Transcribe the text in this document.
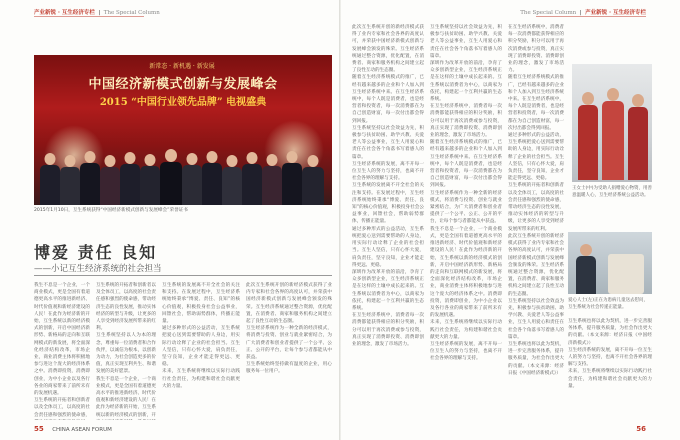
产业新锐 · 互生经济专栏  |  The Special Column	The Special Column  |  产业新锐 · 互生经济专栏
新常态 · 新机遇 · 新发展
中国经济新模式创新与发展峰会
2015 “中国行业领先品牌” 电视盛典
2015年1月10日，互生系统获得“中国经济新模式创新与发展峰会”荣誉证书
博爱 责任 良知
——小记互生经济系统的社会担当

我生不息是一个企业，一个商业模式，更是全国有着道德更高水平的推进新经济、时代价值观和新经济建设的人民！在此作为经济新的开始，互生系统以新的经济模式的创新，开启中国经济新形势、新格局的走向和互联网模式的新发展，将全面深化经济结构改革，市场企业，商业消费主体将积极地参与进这个庞大的经济体系之中。消费即投资，消费即创业，为中小企业以及各行各业的商家带来了前所未有的发展机遇。

互生系统的开拓者和创新者以及全体员工，以高度的社会责任感和强烈的使命感，

互生系统的开拓者和创新者以及全体员工，以高度的社会责任感和强烈的使命感，带动经济生态的良性发展，推动实体经济的转型与升级，让更多的人享受到经济发展所带来的红利。

互生系统坚持以人为本的理念，尊重每一位消费者和合作伙伴，以诚信为根本，以创新为动力，为社会创造更多的价值，真正实现互利共生、和谐发展的美好愿景。

我生不息是一个企业，一个商业模式，更是全国有着道德更高水平的推进新经济、时代价值观和新经济建设的人民！在此作为经济新的开始，互生系统以新的经济模式的创新，开

互生系统的发展离不开全社会的关注和支持。在发展过程中，互生经济系统始终秉承“博爱、责任、良知”的核心价值观，积极投身社会公益事业，回馈社会，帮助弱势群体，传播正能量。

通过多种形式的公益活动，互生系统把爱心送到需要帮助的人身边，用实际行动诠释了企业的社会担当。互生人坚信，只有心怀大爱，肩负责任，坚守良知，企业才能走得更远、更稳。

未来，互生系统将继续以实际行动践行社会责任，为构建和谐社会贡献更大的力量。

此次互生系统开创的新经济模式获得了业内专家和社会各界的高度认可，并荣获中国经济新模式创新与发展峰会颁发的殊荣。互生经济系统通过整合资源，优化配置，在消费者、商家和服务机构之间建立起了良性互动的生态圈。

互生经济系统作为一种全新的经济模式，将消费与投资、创业与就业紧密结合，为广大消费者和创业者提供了一个公平、公正、公开的平台，让每个参与者都能从中获益。

互生系统始终坚持做有温度的企业，用心服务每一位用户。

55 CHINA ASEAN FORUM

此次互生系统开创的新经济模式获得了业内专家和社会各界的高度认可，并荣获中国经济新模式创新与发展峰会颁发的殊荣。互生经济系统通过整合资源，优化配置，在消费者、商家和服务机构之间建立起了良性互动的生态圈。

随着互生经济系统模式的推广，已经有越来越多的企业和个人加入到互生经济系统中来。在互生经济系统中，每个人既是消费者，也是经营者和投资者，每一次消费都在为自己创造财富，每一次付出都会得到回报。

互生系统坚持以社会效益为先，积极参与扶贫助困、助学兴教、关爱老人等公益事业，互生人用爱心和责任在社会各个角落书写着感人的篇章。

互生经济系统的发展，离不开每一位互生人的努力与坚持，也离不开社会各界的理解与支持。

互生系统的发展离不开全社会的关注和支持。在发展过程中，互生经济系统始终秉承“博爱、责任、良知”的核心价值观，积极投身社会公益事业，回馈社会，帮助弱势群体，传播正能量。

通过多种形式的公益活动，互生系统把爱心送到需要帮助的人身边，用实际行动诠释了企业的社会担当。互生人坚信，只有心怀大爱，肩负责任，坚守良知，企业才能走得更远、更稳。

深圳作为改革开放的前沿，孕育了众多创新型企业，互生经济系统正是在这样的土壤中成长起来的。互生系统以消费者为中心，以商家为依托，构建起一个互利共赢的生态系统。

在互生经济系统中，消费者每一次消费都能获得相应的积分奖励，积分可以用于再次消费或参与投资，真正实现了消费即投资、消费即创业的理念，激发了市场活力。

互生系统坚持以社会效益为先，积极参与扶贫助困、助学兴教、关爱老人等公益事业，互生人用爱心和责任在社会各个角落书写着感人的篇章。

深圳作为改革开放的前沿，孕育了众多创新型企业，互生经济系统正是在这样的土壤中成长起来的。互生系统以消费者为中心，以商家为依托，构建起一个互利共赢的生态系统。

在互生经济系统中，消费者每一次消费都能获得相应的积分奖励，积分可以用于再次消费或参与投资，真正实现了消费即投资、消费即创业的理念，激发了市场活力。

随着互生经济系统模式的推广，已经有越来越多的企业和个人加入到互生经济系统中来。在互生经济系统中，每个人既是消费者，也是经营者和投资者，每一次消费都在为自己创造财富，每一次付出都会得到回报。

互生经济系统作为一种全新的经济模式，将消费与投资、创业与就业紧密结合，为广大消费者和创业者提供了一个公平、公正、公开的平台，让每个参与者都能从中获益。

我生不息是一个企业，一个商业模式，更是全国有着道德更高水平的推进新经济、时代价值观和新经济建设的人民！在此作为经济新的开始，互生系统以新的经济模式的创新，开启中国经济新形势、新格局的走向和互联网模式的新发展，将全面深化经济结构改革，市场企业，商业消费主体将积极地参与进这个庞大的经济体系之中。消费即投资，消费即创业，为中小企业以及各行各业的商家带来了前所未有的发展机遇。

未来，互生系统将继续以实际行动践行社会责任，为构建和谐社会贡献更大的力量。

互生经济系统的发展，离不开每一位互生人的努力与坚持，也离不开社会各界的理解与支持。

在互生经济系统中，消费者每一次消费都能获得相应的积分奖励，积分可以用于再次消费或参与投资，真正实现了消费即投资、消费即创业的理念，激发了市场活力。

随着互生经济系统模式的推广，已经有越来越多的企业和个人加入到互生经济系统中来。在互生经济系统中，每个人既是消费者，也是经营者和投资者，每一次消费都在为自己创造财富，每一次付出都会得到回报。

通过多种形式的公益活动，互生系统把爱心送到需要帮助的人身边，用实际行动诠释了企业的社会担当。互生人坚信，只有心怀大爱，肩负责任，坚守良知，企业才能走得更远、更稳。

互生系统的开拓者和创新者以及全体员工，以高度的社会责任感和强烈的使命感，带动经济生态的良性发展，推动实体经济的转型与升级，让更多的人享受到经济发展所带来的红利。

此次互生系统开创的新经济模式获得了业内专家和社会各界的高度认可，并荣获中国经济新模式创新与发展峰会颁发的殊荣。互生经济系统通过整合资源，优化配置，在消费者、商家和服务机构之间建立起了良性互动的生态圈。

互生系统坚持以社会效益为先，积极参与扶贫助困、助学兴教、关爱老人等公益事业，互生人用爱心和责任在社会各个角落书写着感人的篇章。

互生系统也将以此为契机，进一步完善服务体系，提升服务质量，为社会作出更大的贡献。（本文来源：经济日报《中国经济新模式》）

王女士(中)为受助人捐赠爱心物资，用善意温暖人心，互生经济系统公益活动。
爱心人士(左)正在为患病儿童送去慰问，互生系统为社会传递正能量。

互生系统也将以此为契机，进一步完善服务体系，提升服务质量，为社会作出更大的贡献。（本文来源：经济日报《中国经济新模式》）

互生经济系统的发展，离不开每一位互生人的努力与坚持，也离不开社会各界的理解与支持。

未来，互生系统将继续以实际行动践行社会责任，为构建和谐社会贡献更大的力量。

56
